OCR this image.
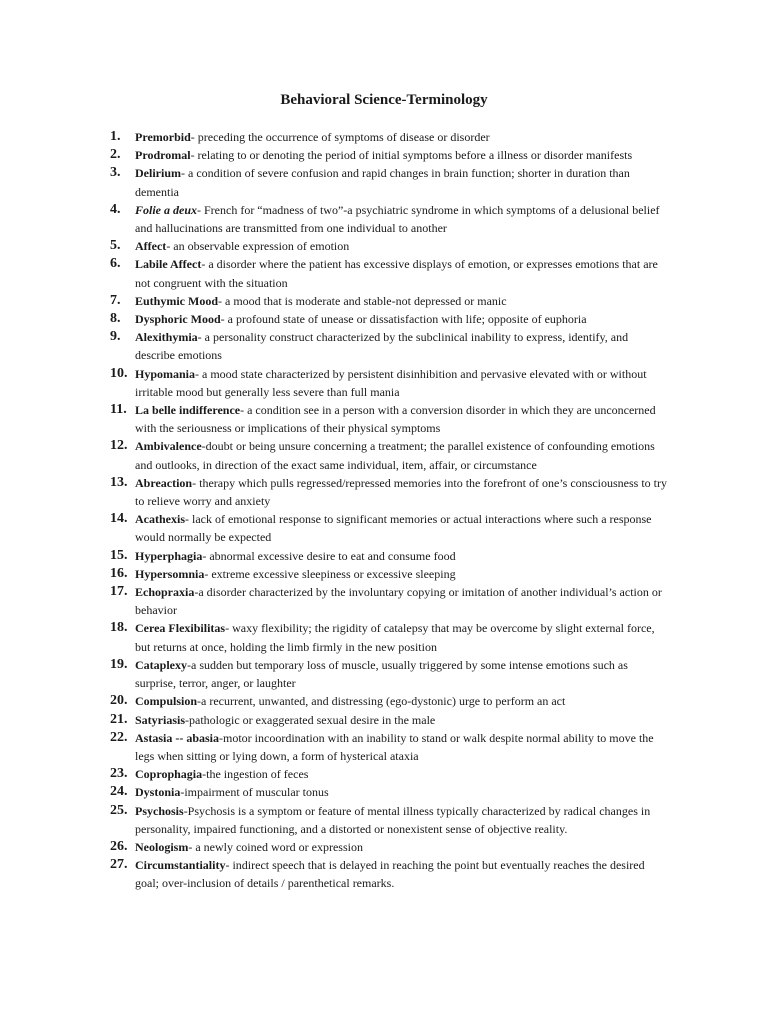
Behavioral Science-Terminology
1. Premorbid- preceding the occurrence of symptoms of disease or disorder
2. Prodromal- relating to or denoting the period of initial symptoms before a illness or disorder manifests
3. Delirium- a condition of severe confusion and rapid changes in brain function; shorter in duration than dementia
4. Folie a deux- French for “madness of two”-a psychiatric syndrome in which symptoms of a delusional belief and hallucinations are transmitted from one individual to another
5. Affect- an observable expression of emotion
6. Labile Affect- a disorder where the patient has excessive displays of emotion, or expresses emotions that are not congruent with the situation
7. Euthymic Mood- a mood that is moderate and stable-not depressed or manic
8. Dysphoric Mood- a profound state of unease or dissatisfaction with life; opposite of euphoria
9. Alexithymia- a personality construct characterized by the subclinical inability to express, identify, and describe emotions
10. Hypomania- a mood state characterized by persistent disinhibition and pervasive elevated with or without irritable mood but generally less severe than full mania
11. La belle indifference- a condition see in a person with a conversion disorder in which they are unconcerned with the seriousness or implications of their physical symptoms
12. Ambivalence-doubt or being unsure concerning a treatment; the parallel existence of confounding emotions and outlooks, in direction of the exact same individual, item, affair, or circumstance
13. Abreaction- therapy which pulls regressed/repressed memories into the forefront of one’s consciousness to try to relieve worry and anxiety
14. Acathexis- lack of emotional response to significant memories or actual interactions where such a response would normally be expected
15. Hyperphagia- abnormal excessive desire to eat and consume food
16. Hypersomnia- extreme excessive sleepiness or excessive sleeping
17. Echopraxia-a disorder characterized by the involuntary copying or imitation of another individual’s action or behavior
18. Cerea Flexibilitas- waxy flexibility; the rigidity of catalepsy that may be overcome by slight external force, but returns at once, holding the limb firmly in the new position
19. Cataplexy-a sudden but temporary loss of muscle, usually triggered by some intense emotions such as surprise, terror, anger, or laughter
20. Compulsion-a recurrent, unwanted, and distressing (ego-dystonic) urge to perform an act
21. Satyriasis-pathologic or exaggerated sexual desire in the male
22. Astasia -- abasia-motor incoordination with an inability to stand or walk despite normal ability to move the legs when sitting or lying down, a form of hysterical ataxia
23. Coprophagia-the ingestion of feces
24. Dystonia-impairment of muscular tonus
25. Psychosis-Psychosis is a symptom or feature of mental illness typically characterized by radical changes in personality, impaired functioning, and a distorted or nonexistent sense of objective reality.
26. Neologism- a newly coined word or expression
27. Circumstantiality- indirect speech that is delayed in reaching the point but eventually reaches the desired goal; over-inclusion of details / parenthetical remarks.
